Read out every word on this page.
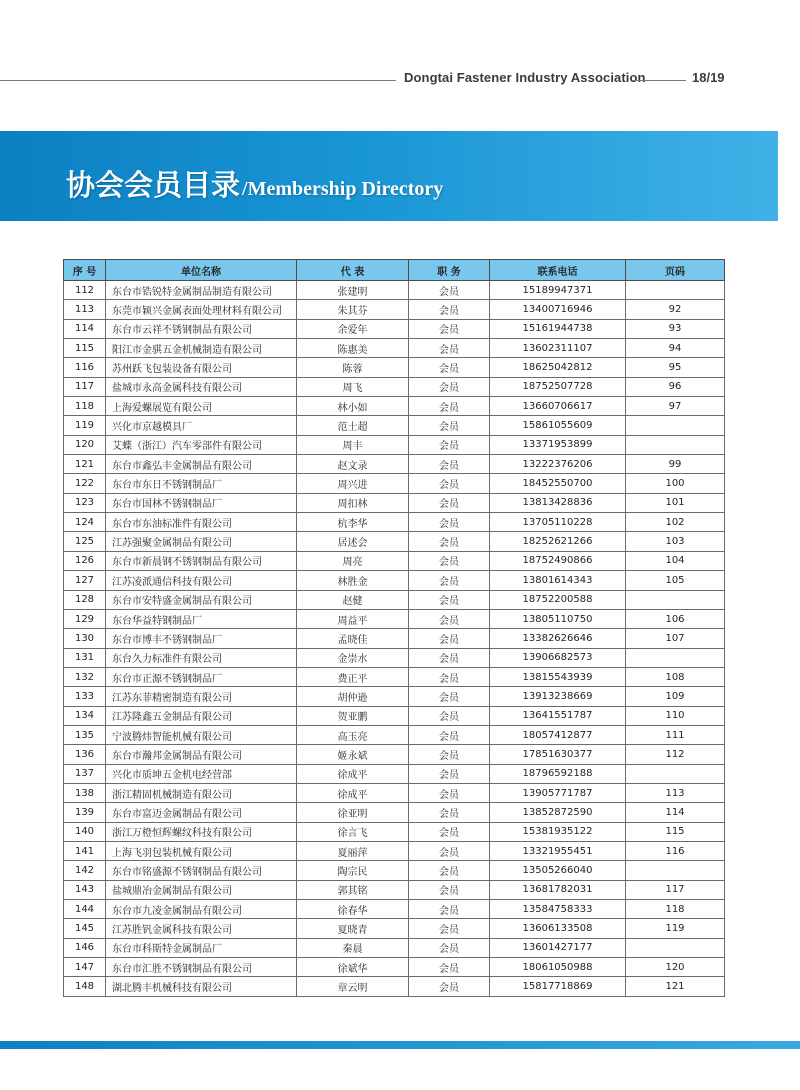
Dongtai Fastener Industry Association	18/19
协会会员目录 /Membership Directory
序 号	单位名称	代 表	职 务	联系电话	页码
112	东台市锆锐特金属制品制造有限公司	张建明	会员	15189947371	
113	东莞市颖兴金属表面处理材料有限公司	朱其芬	会员	13400716946	92
114	东台市云祥不锈钢制品有限公司	余爱年	会员	15161944738	93
115	阳江市金骐五金机械制造有限公司	陈惠美	会员	13602311107	94
116	苏州跃飞包装设备有限公司	陈蓉	会员	18625042812	95
117	盐城市永高金属科技有限公司	周飞	会员	18752507728	96
118	上海爱螺展览有限公司	林小如	会员	13660706617	97
119	兴化市京越模具厂	范士超	会员	15861055609	
120	艾蝶（浙江）汽车零部件有限公司	周丰	会员	13371953899	
121	东台市鑫弘丰金属制品有限公司	赵文录	会员	13222376206	99
122	东台市东日不锈钢制品厂	周兴进	会员	18452550700	100
123	东台市国林不锈钢制品厂	周扣林	会员	13813428836	101
124	东台市东油标准件有限公司	杭李华	会员	13705110228	102
125	江苏强聚金属制品有限公司	居述会	会员	18252621266	103
126	东台市新晨钢不锈钢制品有限公司	周亮	会员	18752490866	104
127	江苏凌派通信科技有限公司	林胜金	会员	13801614343	105
128	东台市安特盛金属制品有限公司	赵健	会员	18752200588	
129	东台华益特钢制品厂	周益平	会员	13805110750	106
130	东台市博丰不锈钢制品厂	孟晓佳	会员	13382626646	107
131	东台久力标准件有限公司	金崇水	会员	13906682573	
132	东台市正源不锈钢制品厂	费正平	会员	13815543939	108
133	江苏东菲精密制造有限公司	胡仲逊	会员	13913238669	109
134	江苏隆鑫五金制品有限公司	贺亚鹏	会员	13641551787	110
135	宁波腾炜智能机械有限公司	高玉亮	会员	18057412877	111
136	东台市瀚邦金属制品有限公司	姬永斌	会员	17851630377	112
137	兴化市质坤五金机电经营部	徐成平	会员	18796592188	
138	浙江精固机械制造有限公司	徐成平	会员	13905771787	113
139	东台市富迈金属制品有限公司	徐亚明	会员	13852872590	114
140	浙江万橙恒辉螺纹科技有限公司	徐言飞	会员	15381935122	115
141	上海飞羽包装机械有限公司	夏丽萍	会员	13321955451	116
142	东台市铭盛源不锈钢制品有限公司	陶宗民	会员	13505266040	
143	盐城鼎冶金属制品有限公司	郭其铭	会员	13681782031	117
144	东台市九凌金属制品有限公司	徐春华	会员	13584758333	118
145	江苏胜钒金属科技有限公司	夏晓青	会员	13606133508	119
146	东台市科斯特金属制品厂	秦晨	会员	13601427177	
147	东台市汇胜不锈钢制品有限公司	徐斌华	会员	18061050988	120
148	湖北腾丰机械科技有限公司	章云明	会员	15817718869	121
